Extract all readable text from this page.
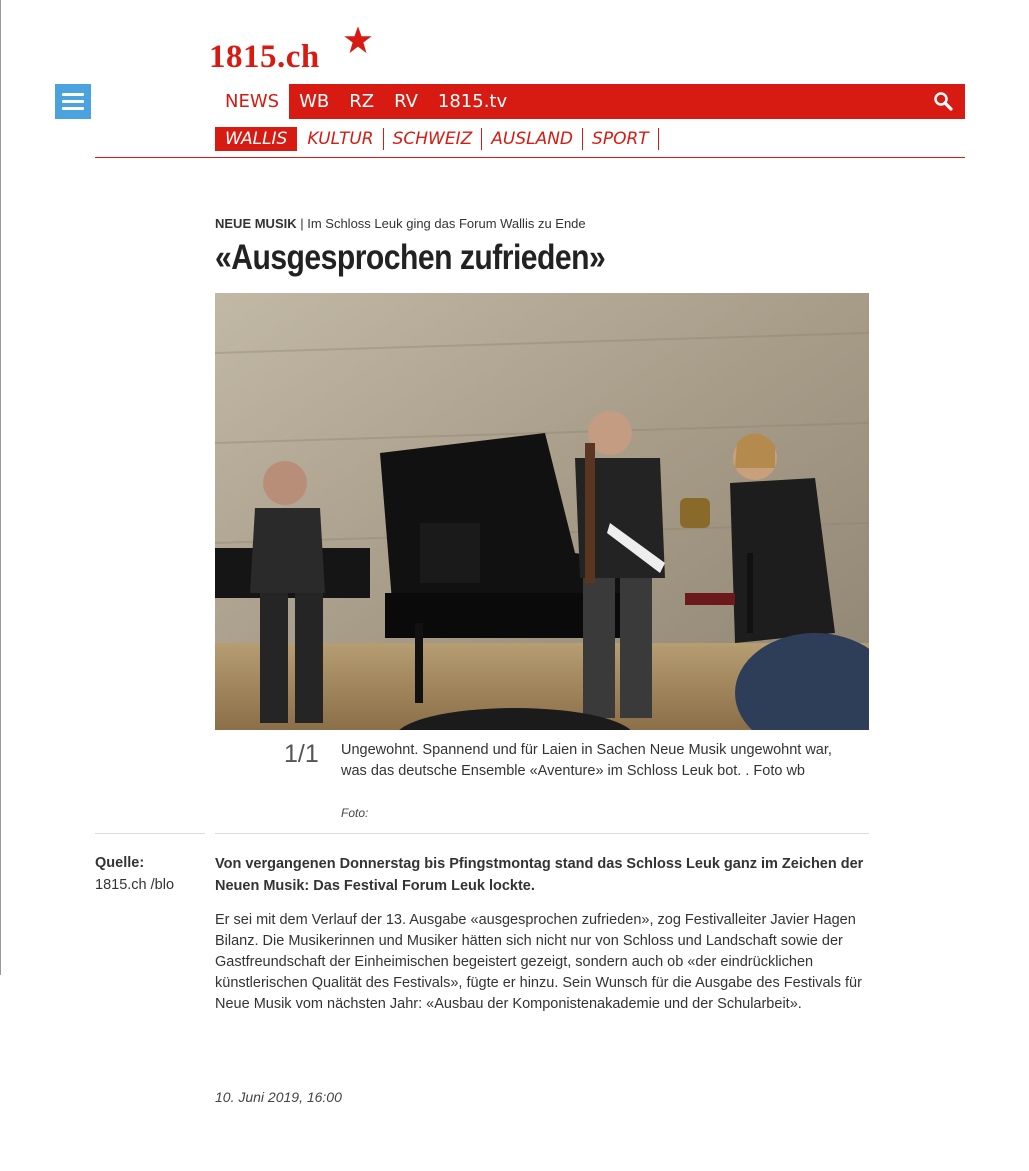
1815.ch
NEWS	WB	RZ	RV	1815.tv
WALLIS	KULTUR	SCHWEIZ	AUSLAND	SPORT
NEUE MUSIK | Im Schloss Leuk ging das Forum Wallis zu Ende
«Ausgesprochen zufrieden»
1/1 Ungewohnt. Spannend und für Laien in Sachen Neue Musik ungewohnt war, was das deutsche Ensemble «Aventure» im Schloss Leuk bot. . Foto wb
Foto:
Quelle:
1815.ch /blo

Von vergangenen Donnerstag bis Pfingstmontag stand das Schloss Leuk ganz im Zeichen der Neuen Musik: Das Festival Forum Leuk lockte.

Er sei mit dem Verlauf der 13. Ausgabe «ausgesprochen zufrieden», zog Festivalleiter Javier Hagen Bilanz. Die Musikerinnen und Musiker hätten sich nicht nur von Schloss und Landschaft sowie der Gastfreundschaft der Einheimischen begeistert gezeigt, sondern auch ob «der eindrücklichen künstlerischen Qualität des Festivals», fügte er hinzu. Sein Wunsch für die Ausgabe des Festivals für Neue Musik vom nächsten Jahr: «Ausbau der Komponistenakademie und der Schularbeit».

10. Juni 2019, 16:00
